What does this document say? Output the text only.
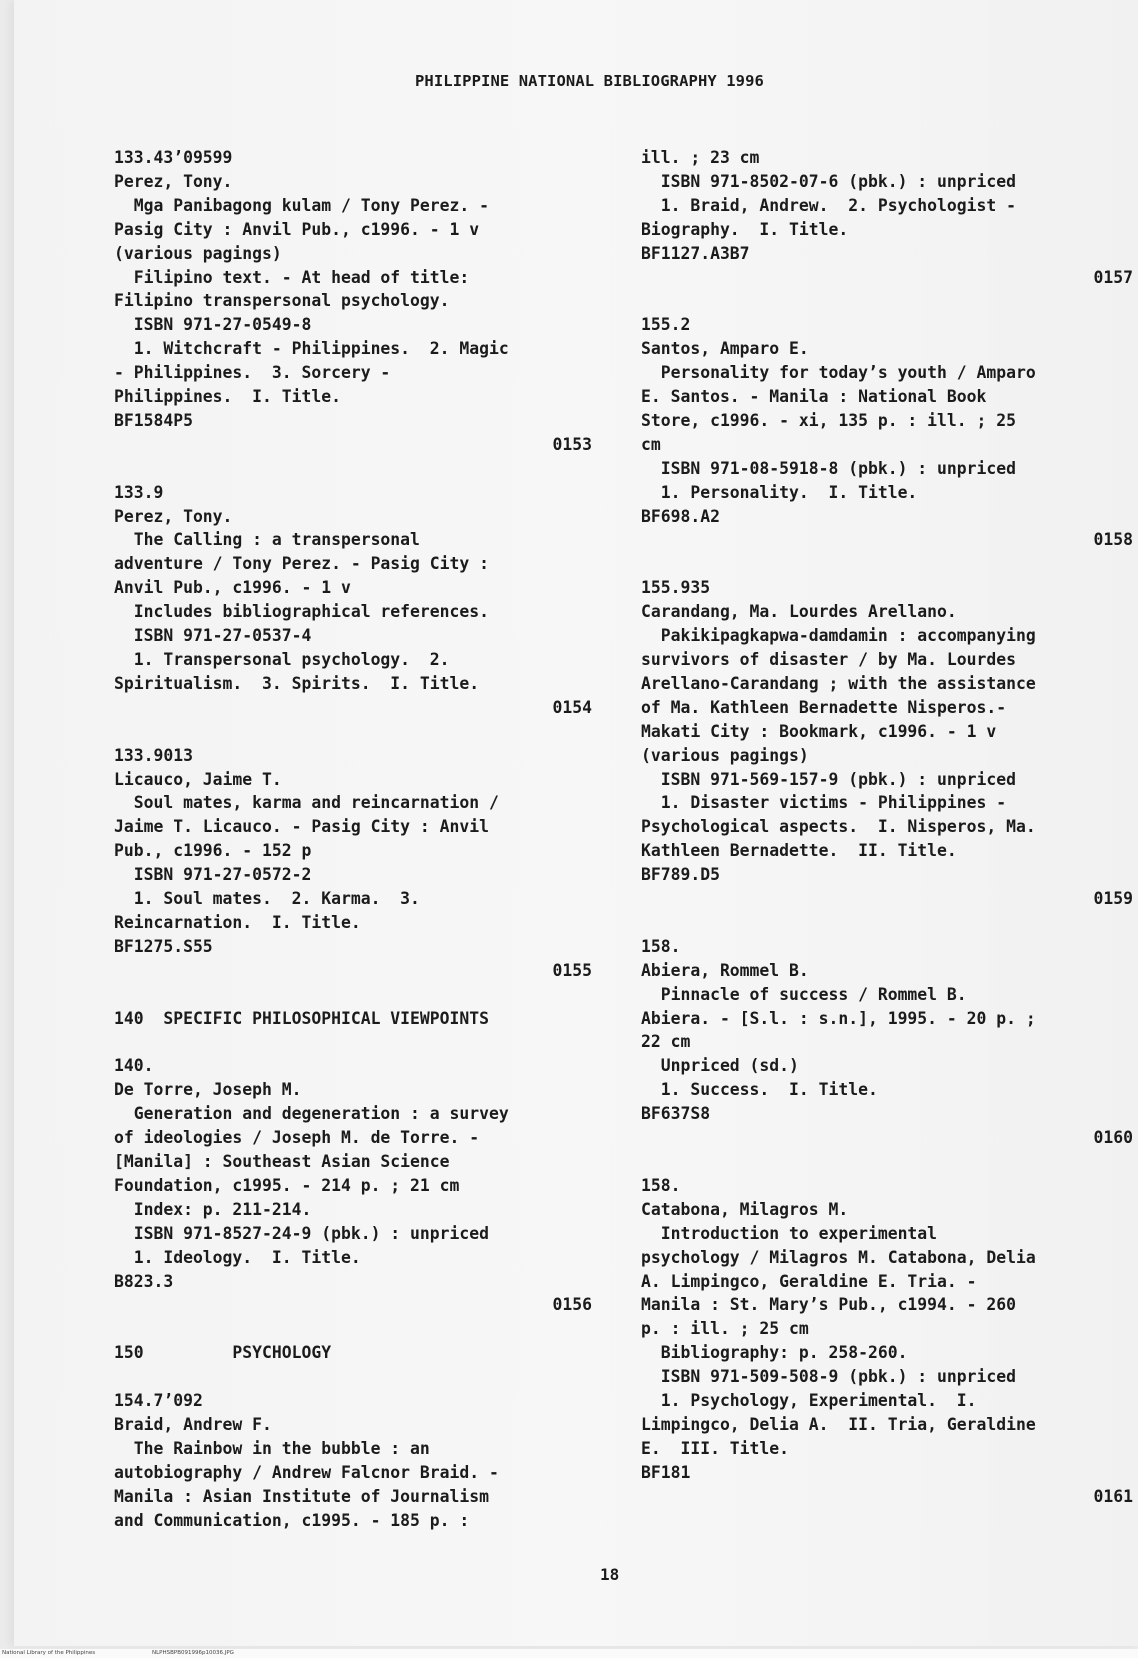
PHILIPPINE NATIONAL BIBLIOGRAPHY 1996
133.43’09599
Perez, Tony.
Mga Panibagong kulam / Tony Perez. -
Pasig City : Anvil Pub., c1996. - 1 v
(various pagings)
Filipino text. - At head of title:
Filipino transpersonal psychology.
ISBN 971-27-0549-8
1. Witchcraft - Philippines.  2. Magic
- Philippines.  3. Sorcery -
Philippines.  I. Title.
BF1584P5
0153
133.9
Perez, Tony.
The Calling : a transpersonal
adventure / Tony Perez. - Pasig City :
Anvil Pub., c1996. - 1 v
Includes bibliographical references.
ISBN 971-27-0537-4
1. Transpersonal psychology.  2.
Spiritualism.  3. Spirits.  I. Title.
0154
133.9013
Licauco, Jaime T.
Soul mates, karma and reincarnation /
Jaime T. Licauco. - Pasig City : Anvil
Pub., c1996. - 152 p
ISBN 971-27-0572-2
1. Soul mates.  2. Karma.  3.
Reincarnation.  I. Title.
BF1275.S55
0155
140  SPECIFIC PHILOSOPHICAL VIEWPOINTS
140.
De Torre, Joseph M.
Generation and degeneration : a survey
of ideologies / Joseph M. de Torre. -
[Manila] : Southeast Asian Science
Foundation, c1995. - 214 p. ; 21 cm
Index: p. 211-214.
ISBN 971-8527-24-9 (pbk.) : unpriced
1. Ideology.  I. Title.
B823.3
0156
150         PSYCHOLOGY
154.7’092
Braid, Andrew F.
The Rainbow in the bubble : an
autobiography / Andrew Falcnor Braid. -
Manila : Asian Institute of Journalism
and Communication, c1995. - 185 p. :
ill. ; 23 cm
ISBN 971-8502-07-6 (pbk.) : unpriced
1. Braid, Andrew.  2. Psychologist -
Biography.  I. Title.
BF1127.A3B7
0157
155.2
Santos, Amparo E.
Personality for today’s youth / Amparo
E. Santos. - Manila : National Book
Store, c1996. - xi, 135 p. : ill. ; 25
cm
ISBN 971-08-5918-8 (pbk.) : unpriced
1. Personality.  I. Title.
BF698.A2
0158
155.935
Carandang, Ma. Lourdes Arellano.
Pakikipagkapwa-damdamin : accompanying
survivors of disaster / by Ma. Lourdes
Arellano-Carandang ; with the assistance
of Ma. Kathleen Bernadette Nisperos.-
Makati City : Bookmark, c1996. - 1 v
(various pagings)
ISBN 971-569-157-9 (pbk.) : unpriced
1. Disaster victims - Philippines -
Psychological aspects.  I. Nisperos, Ma.
Kathleen Bernadette.  II. Title.
BF789.D5
0159
158.
Abiera, Rommel B.
Pinnacle of success / Rommel B.
Abiera. - [S.l. : s.n.], 1995. - 20 p. ;
22 cm
Unpriced (sd.)
1. Success.  I. Title.
BF637S8
0160
158.
Catabona, Milagros M.
Introduction to experimental
psychology / Milagros M. Catabona, Delia
A. Limpingco, Geraldine E. Tria. -
Manila : St. Mary’s Pub., c1994. - 260
p. : ill. ; 25 cm
Bibliography: p. 258-260.
ISBN 971-509-508-9 (pbk.) : unpriced
1. Psychology, Experimental.  I.
Limpingco, Delia A.  II. Tria, Geraldine
E.  III. Title.
BF181
0161
18
National Library of the Philippines	NLPHSBPB091996p10036.JPG
